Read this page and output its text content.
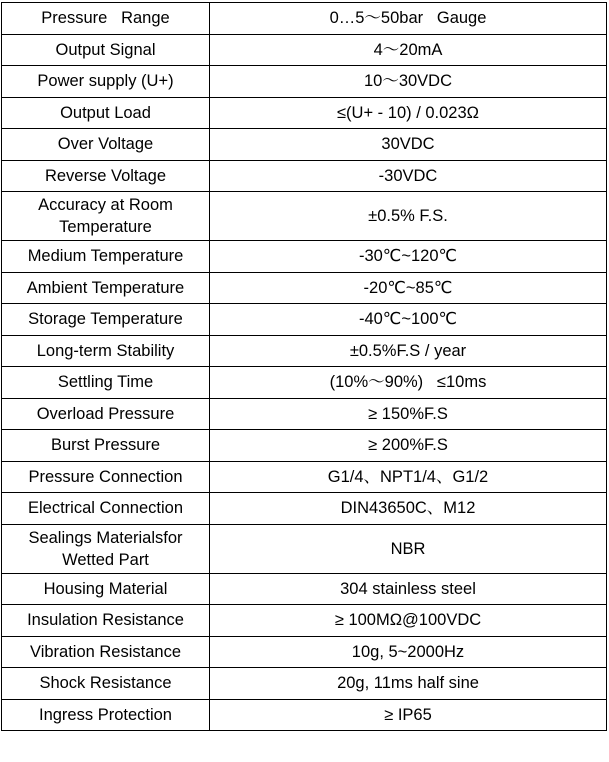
Pressure   Range	0…5～50bar   Gauge
Output Signal	4～20mA
Power supply (U+)	10～30VDC
Output Load	≤(U+ - 10) / 0.023Ω
Over Voltage	30VDC
Reverse Voltage	-30VDC
Accuracy at Room
Temperature	±0.5% F.S.
Medium Temperature	-30℃~120℃
Ambient Temperature	-20℃~85℃
Storage Temperature	-40℃~100℃
Long-term Stability	±0.5%F.S / year
Settling Time	(10%～90%)   ≤10ms
Overload Pressure	≥ 150%F.S
Burst Pressure	≥ 200%F.S
Pressure Connection	G1/4、NPT1/4、G1/2
Electrical Connection	DIN43650C、M12
Sealings Materialsfor
Wetted Part	NBR
Housing Material	304 stainless steel
Insulation Resistance	≥ 100MΩ@100VDC
Vibration Resistance	10g, 5~2000Hz
Shock Resistance	20g, 11ms half sine
Ingress Protection	≥ IP65
